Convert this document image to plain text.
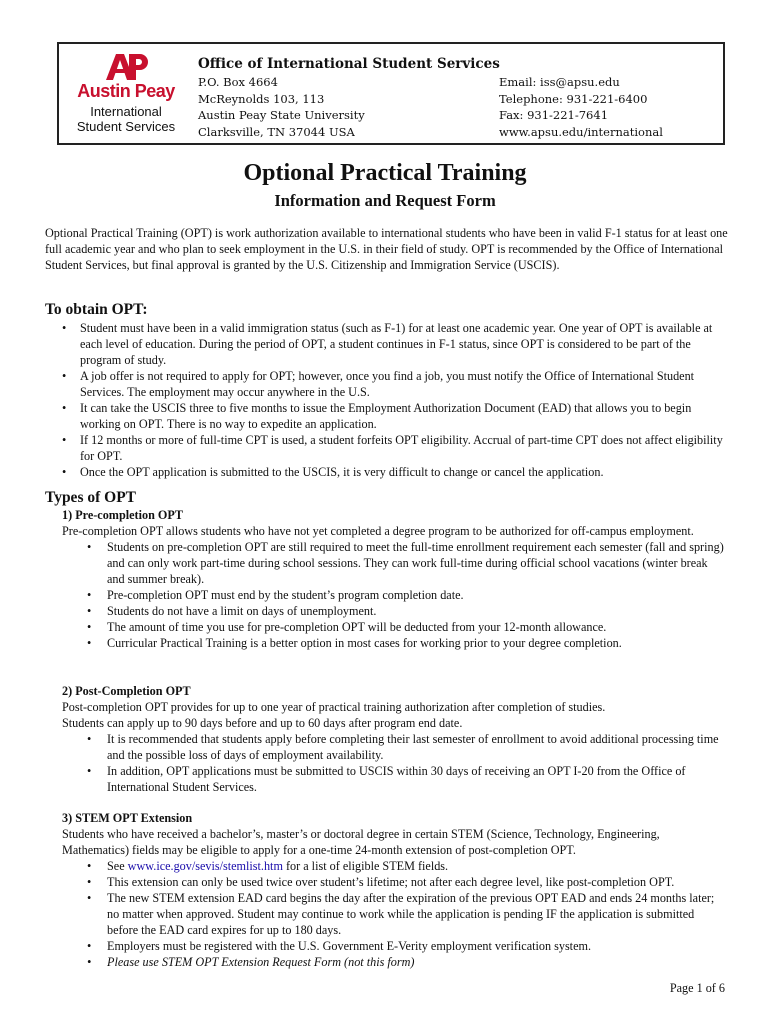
Austin Peay
International
Student Services
Office of International Student Services
P.O. Box 4664
McReynolds 103, 113
Austin Peay State University
Clarksville, TN 37044 USA
Email: iss@apsu.edu
Telephone: 931-221-6400
Fax: 931-221-7641
www.apsu.edu/international
Optional Practical Training
Information and Request Form
Optional Practical Training (OPT) is work authorization available to international students who have been in valid F-1 status for at least one full academic year and who plan to seek employment in the U.S. in their field of study. OPT is recommended by the Office of International Student Services, but final approval is granted by the U.S. Citizenship and Immigration Service (USCIS).
To obtain OPT:
• Student must have been in a valid immigration status (such as F-1) for at least one academic year. One year of OPT is available at each level of education. During the period of OPT, a student continues in F-1 status, since OPT is considered to be part of the program of study.
• A job offer is not required to apply for OPT; however, once you find a job, you must notify the Office of International Student Services. The employment may occur anywhere in the U.S.
• It can take the USCIS three to five months to issue the Employment Authorization Document (EAD) that allows you to begin working on OPT. There is no way to expedite an application.
• If 12 months or more of full-time CPT is used, a student forfeits OPT eligibility. Accrual of part-time CPT does not affect eligibility for OPT.
• Once the OPT application is submitted to the USCIS, it is very difficult to change or cancel the application.
Types of OPT
1) Pre-completion OPT
Pre-completion OPT allows students who have not yet completed a degree program to be authorized for off-campus employment.
• Students on pre-completion OPT are still required to meet the full-time enrollment requirement each semester (fall and spring) and can only work part-time during school sessions. They can work full-time during official school vacations (winter break and summer break).
• Pre-completion OPT must end by the student’s program completion date.
• Students do not have a limit on days of unemployment.
• The amount of time you use for pre-completion OPT will be deducted from your 12-month allowance.
• Curricular Practical Training is a better option in most cases for working prior to your degree completion.
2) Post-Completion OPT
Post-completion OPT provides for up to one year of practical training authorization after completion of studies.
Students can apply up to 90 days before and up to 60 days after program end date.
• It is recommended that students apply before completing their last semester of enrollment to avoid additional processing time and the possible loss of days of employment availability.
• In addition, OPT applications must be submitted to USCIS within 30 days of receiving an OPT I-20 from the Office of International Student Services.
3) STEM OPT Extension
Students who have received a bachelor’s, master’s or doctoral degree in certain STEM (Science, Technology, Engineering, Mathematics) fields may be eligible to apply for a one-time 24-month extension of post-completion OPT.
• See www.ice.gov/sevis/stemlist.htm for a list of eligible STEM fields.
• This extension can only be used twice over student’s lifetime; not after each degree level, like post-completion OPT.
• The new STEM extension EAD card begins the day after the expiration of the previous OPT EAD and ends 24 months later; no matter when approved. Student may continue to work while the application is pending IF the application is submitted before the EAD card expires for up to 180 days.
• Employers must be registered with the U.S. Government E-Verity employment verification system.
• Please use STEM OPT Extension Request Form (not this form)
Page 1 of 6
